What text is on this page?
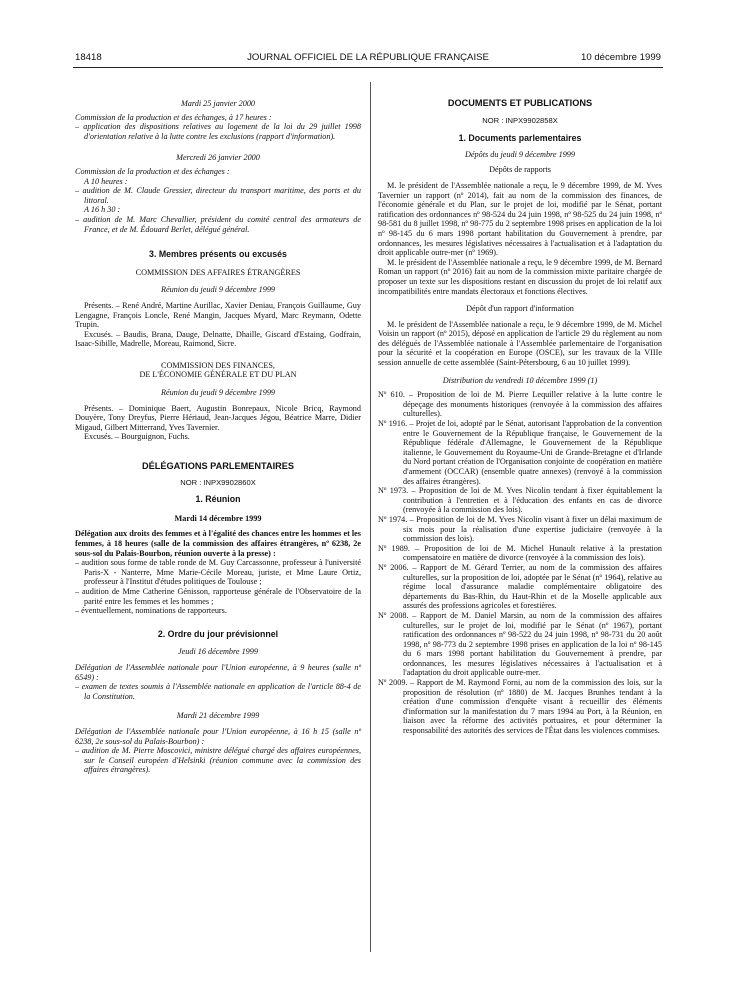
18418	JOURNAL OFFICIEL DE LA RÉPUBLIQUE FRANÇAISE	10 décembre 1999

Mardi 25 janvier 2000

Commission de la production et des échanges, à 17 heures :

– application des dispositions relatives au logement de la loi du 29 juillet 1998 d'orientation relative à la lutte contre les exclusions (rapport d'information).

Mercredi 26 janvier 2000

Commission de la production et des échanges :

A 10 heures :

– audition de M. Claude Gressier, directeur du transport maritime, des ports et du littoral.

A 16 h 30 :

– audition de M. Marc Chevallier, président du comité central des armateurs de France, et de M. Édouard Berlet, délégué général.

3. Membres présents ou excusés

COMMISSION DES AFFAIRES ÉTRANGÈRES

Réunion du jeudi 9 décembre 1999

Présents. – René André, Martine Aurillac, Xavier Deniau, François Guillaume, Guy Lengagne, François Loncle, René Mangin, Jacques Myard, Marc Reymann, Odette Trupin.

Excusés. – Baudis, Brana, Dauge, Delnatte, Dhaille, Giscard d'Estaing, Godfrain, Isaac-Sibille, Madrelle, Moreau, Raimond, Sicre.

COMMISSION DES FINANCES,

DE L'ÉCONOMIE GÉNÉRALE ET DU PLAN

Réunion du jeudi 9 décembre 1999

Présents. – Dominique Baert, Augustin Bonrepaux, Nicole Bricq, Raymond Douyère, Tony Dreyfus, Pierre Hériaud, Jean-Jacques Jégou, Béatrice Marre, Didier Migaud, Gilbert Mitterrand, Yves Tavernier.

Excusés. – Bourguignon, Fuchs.

DÉLÉGATIONS PARLEMENTAIRES

NOR : INPX9902860X

1. Réunion

Mardi 14 décembre 1999

Délégation aux droits des femmes et à l'égalité des chances entre les hommes et les femmes, à 18 heures (salle de la commission des affaires étrangères, nº 6238, 2e sous-sol du Palais-Bourbon, réunion ouverte à la presse) :

– audition sous forme de table ronde de M. Guy Carcassonne, professeur à l'université Paris-X - Nanterre, Mme Marie-Cécile Moreau, juriste, et Mme Laure Ortiz, professeur à l'Institut d'études politiques de Toulouse ;

– audition de Mme Catherine Génisson, rapporteuse générale de l'Observatoire de la parité entre les femmes et les hommes ;

– éventuellement, nominations de rapporteurs.

2. Ordre du jour prévisionnel

Jeudi 16 décembre 1999

Délégation de l'Assemblée nationale pour l'Union européenne, à 9 heures (salle nº 6549) :

– examen de textes soumis à l'Assemblée nationale en application de l'article 88-4 de la Constitution.

Mardi 21 décembre 1999

Délégation de l'Assemblée nationale pour l'Union européenne, à 16 h 15 (salle nº 6238, 2e sous-sol du Palais-Bourbon) :

– audition de M. Pierre Moscovici, ministre délégué chargé des affaires européennes, sur le Conseil européen d'Helsinki (réunion commune avec la commission des affaires étrangères).

DOCUMENTS ET PUBLICATIONS

NOR : INPX9902858X

1. Documents parlementaires

Dépôts du jeudi 9 décembre 1999

Dépôts de rapports

M. le président de l'Assemblée nationale a reçu, le 9 décembre 1999, de M. Yves Tavernier un rapport (nº 2014), fait au nom de la commission des finances, de l'économie générale et du Plan, sur le projet de loi, modifié par le Sénat, portant ratification des ordonnances nº 98-524 du 24 juin 1998, nº 98-525 du 24 juin 1998, nº 98-581 du 8 juillet 1998, nº 98-775 du 2 septembre 1998 prises en application de la loi nº 98-145 du 6 mars 1998 portant habilitation du Gouvernement à prendre, par ordonnances, les mesures législatives nécessaires à l'actualisation et à l'adaptation du droit applicable outre-mer (nº 1969).

M. le président de l'Assemblée nationale a reçu, le 9 décembre 1999, de M. Bernard Roman un rapport (nº 2016) fait au nom de la commission mixte paritaire chargée de proposer un texte sur les dispositions restant en discussion du projet de loi relatif aux incompatibilités entre mandats électoraux et fonctions électives.

Dépôt d'un rapport d'information

M. le président de l'Assemblée nationale a reçu, le 9 décembre 1999, de M. Michel Voisin un rapport (nº 2015), déposé en application de l'article 29 du règlement au nom des délégués de l'Assemblée nationale à l'Assemblée parlementaire de l'organisation pour la sécurité et la coopération en Europe (OSCE), sur les travaux de la VIIIe session annuelle de cette assemblée (Saint-Pétersbourg, 6 au 10 juillet 1999).

Distribution du vendredi 10 décembre 1999 (1)

Nº 610. – Proposition de loi de M. Pierre Lequiller relative à la lutte contre le dépeçage des monuments historiques (renvoyée à la commission des affaires culturelles).

Nº 1916. – Projet de loi, adopté par le Sénat, autorisant l'approbation de la convention entre le Gouvernement de la République française, le Gouvernement de la République fédérale d'Allemagne, le Gouvernement de la République italienne, le Gouvernement du Royaume-Uni de Grande-Bretagne et d'Irlande du Nord portant création de l'Organisation conjointe de coopération en matière d'armement (OCCAR) (ensemble quatre annexes) (renvoyé à la commission des affaires étrangères).

Nº 1973. – Proposition de loi de M. Yves Nicolin tendant à fixer équitablement la contribution à l'entretien et à l'éducation des enfants en cas de divorce (renvoyée à la commission des lois).

Nº 1974. – Proposition de loi de M. Yves Nicolin visant à fixer un délai maximum de six mois pour la réalisation d'une expertise judiciaire (renvoyée à la commission des lois).

Nº 1989. – Proposition de loi de M. Michel Hunault relative à la prestation compensatoire en matière de divorce (renvoyée à la commission des lois).

Nº 2006. – Rapport de M. Gérard Terrier, au nom de la commission des affaires culturelles, sur la proposition de loi, adoptée par le Sénat (nº 1964), relative au régime local d'assurance maladie complémentaire obligatoire des départements du Bas-Rhin, du Haut-Rhin et de la Moselle applicable aux assurés des professions agricoles et forestières.

Nº 2008. – Rapport de M. Daniel Marsin, au nom de la commission des affaires culturelles, sur le projet de loi, modifié par le Sénat (nº 1967), portant ratification des ordonnances nº 98-522 du 24 juin 1998, nº 98-731 du 20 août 1998, nº 98-773 du 2 septembre 1998 prises en application de la loi nº 98-145 du 6 mars 1998 portant habilitation du Gouvernement à prendre, par ordonnances, les mesures législatives nécessaires à l'actualisation et à l'adaptation du droit applicable outre-mer.

Nº 2009. – Rapport de M. Raymond Forni, au nom de la commission des lois, sur la proposition de résolution (nº 1880) de M. Jacques Brunhes tendant à la création d'une commission d'enquête visant à recueillir des éléments d'information sur la manifestation du 7 mars 1994 au Port, à la Réunion, en liaison avec la réforme des activités portuaires, et pour déterminer la responsabilité des autorités des services de l'État dans les violences commises.
